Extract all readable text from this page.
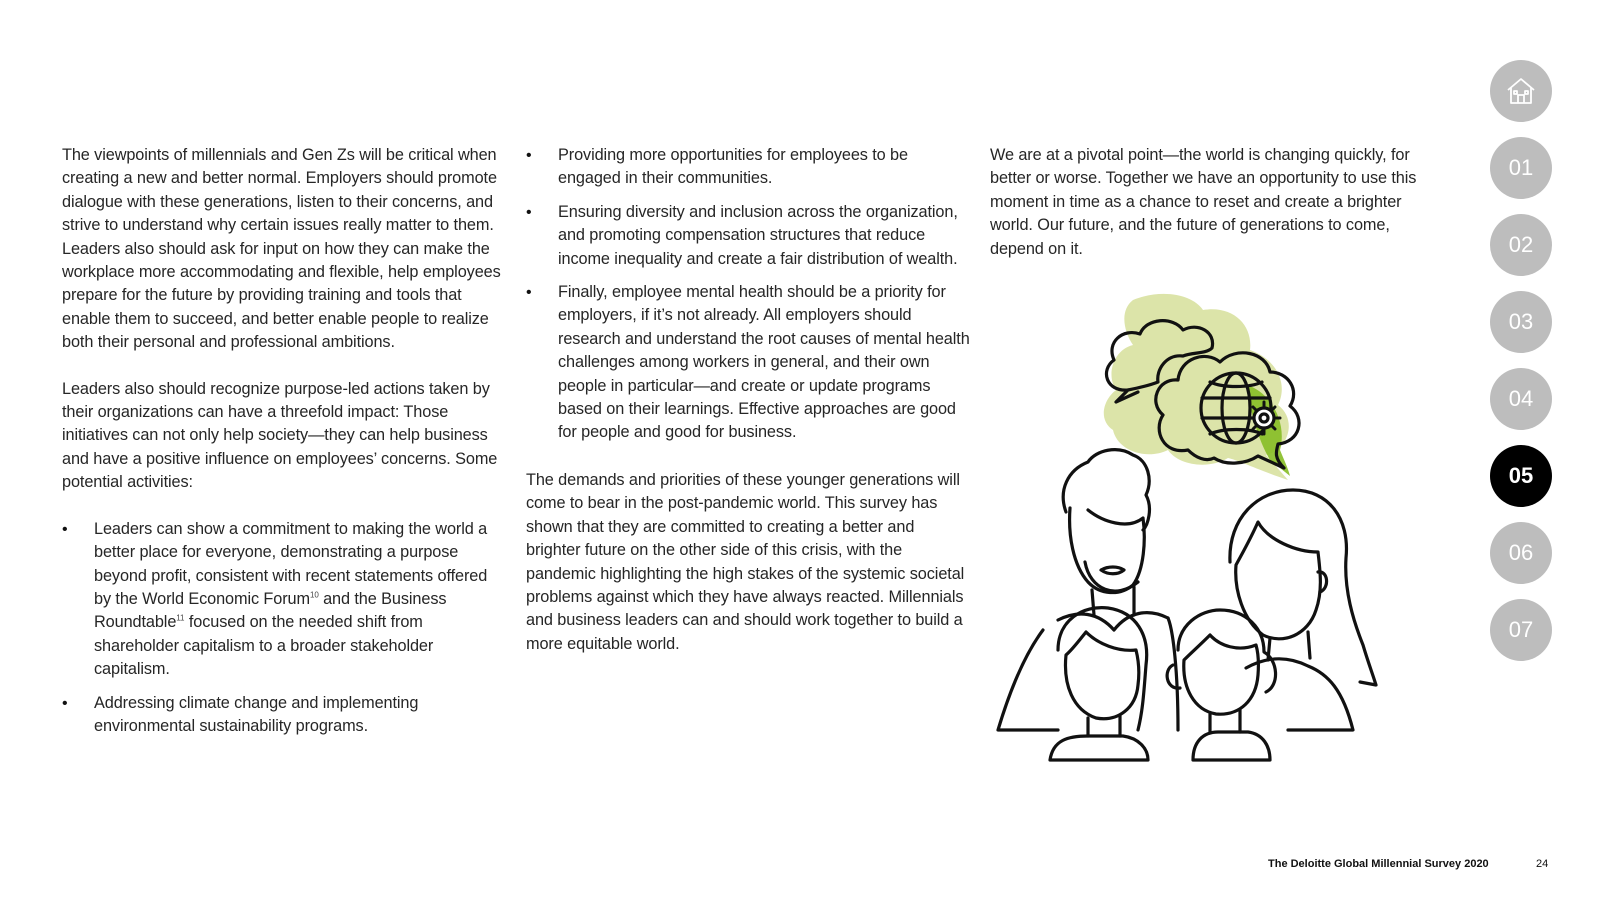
The viewpoints of millennials and Gen Zs will be critical when creating a new and better normal. Employers should promote dialogue with these generations, listen to their concerns, and strive to understand why certain issues really matter to them. Leaders also should ask for input on how they can make the workplace more accommodating and flexible, help employees prepare for the future by providing training and tools that enable them to succeed, and better enable people to realize both their personal and professional ambitions.

Leaders also should recognize purpose-led actions taken by their organizations can have a threefold impact: Those initiatives can not only help society—they can help business and have a positive influence on employees’ concerns. Some potential activities:

• Leaders can show a commitment to making the world a better place for everyone, demonstrating a purpose beyond profit, consistent with recent statements offered by the World Economic Forum$^{10}$ and the Business Roundtable$^{11}$ focused on the needed shift from shareholder capitalism to a broader stakeholder capitalism.
• Addressing climate change and implementing environmental sustainability programs.
• Providing more opportunities for employees to be engaged in their communities.
• Ensuring diversity and inclusion across the organization, and promoting compensation structures that reduce income inequality and create a fair distribution of wealth.
• Finally, employee mental health should be a priority for employers, if it’s not already. All employers should research and understand the root causes of mental health challenges among workers in general, and their own people in particular—and create or update programs based on their learnings. Effective approaches are good for people and good for business.

The demands and priorities of these younger generations will come to bear in the post-pandemic world. This survey has shown that they are committed to creating a better and brighter future on the other side of this crisis, with the pandemic highlighting the high stakes of the systemic societal problems against which they have always reacted. Millennials and business leaders can and should work together to build a more equitable world.

We are at a pivotal point—the world is changing quickly, for better or worse. Together we have an opportunity to use this moment in time as a chance to reset and create a brighter world. Our future, and the future of generations to come, depend on it.

01
02
03
04
05
06
07
The Deloitte Global Millennial Survey 2020	24
